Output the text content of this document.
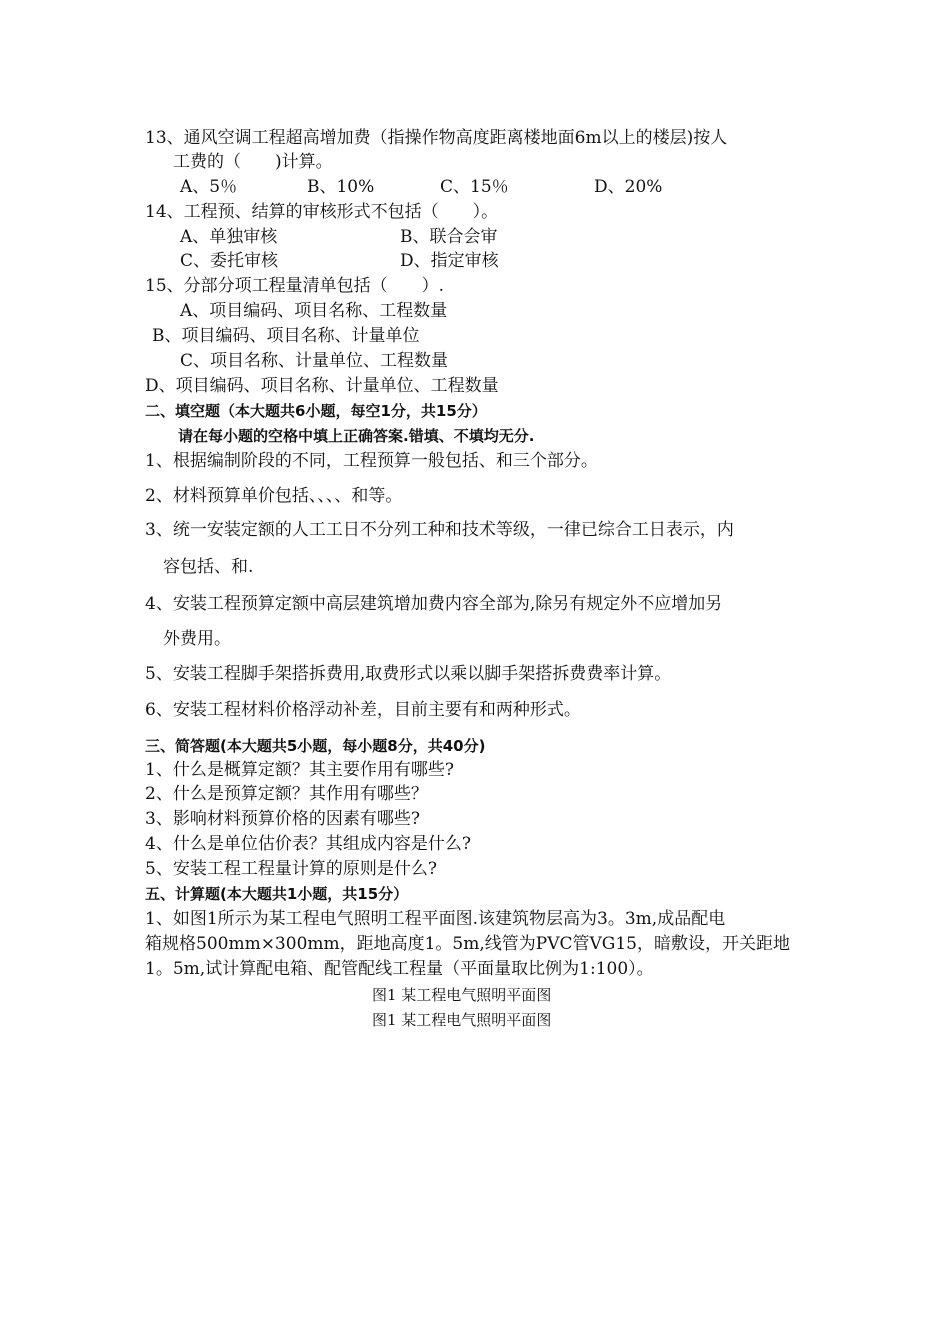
13、通风空调工程超高增加费（指操作物高度距离楼地面6m以上的楼层)按人
工费的（　　)计算。
A、5％	B、10%	C、15％	D、20%
14、工程预、结算的审核形式不包括（　　）。
A、单独审核	B、联合会审
C、委托审核	D、指定审核
15、分部分项工程量清单包括（　　）.
A、项目编码、项目名称、工程数量
B、项目编码、项目名称、计量单位
C、项目名称、计量单位、工程数量
D、项目编码、项目名称、计量单位、工程数量
二、填空题（本大题共6小题，每空1分，共15分）
请在每小题的空格中填上正确答案.错填、不填均无分.
1、根据编制阶段的不同，工程预算一般包括、和三个部分。
2、材料预算单价包括、、、、和等。
3、统一安装定额的人工工日不分列工种和技术等级，一律已综合工日表示，内
容包括、和.
4、安装工程预算定额中高层建筑增加费内容全部为,除另有规定外不应增加另
外费用。
5、安装工程脚手架搭拆费用,取费形式以乘以脚手架搭拆费费率计算。
6、安装工程材料价格浮动补差，目前主要有和两种形式。
三、简答题(本大题共5小题，每小题8分，共40分)
1、什么是概算定额？其主要作用有哪些?
2、什么是预算定额？其作用有哪些？
3、影响材料预算价格的因素有哪些?
4、什么是单位估价表？其组成内容是什么?
5、安装工程工程量计算的原则是什么?
五、计算题(本大题共1小题，共15分）
1、如图1所示为某工程电气照明工程平面图.该建筑物层高为3。3m,成品配电
箱规格500mm×300mm，距地高度1。5m,线管为PVC管VG15，暗敷设，开关距地
1。5m,试计算配电箱、配管配线工程量（平面量取比例为1:100）。
图1 某工程电气照明平面图
图1 某工程电气照明平面图
